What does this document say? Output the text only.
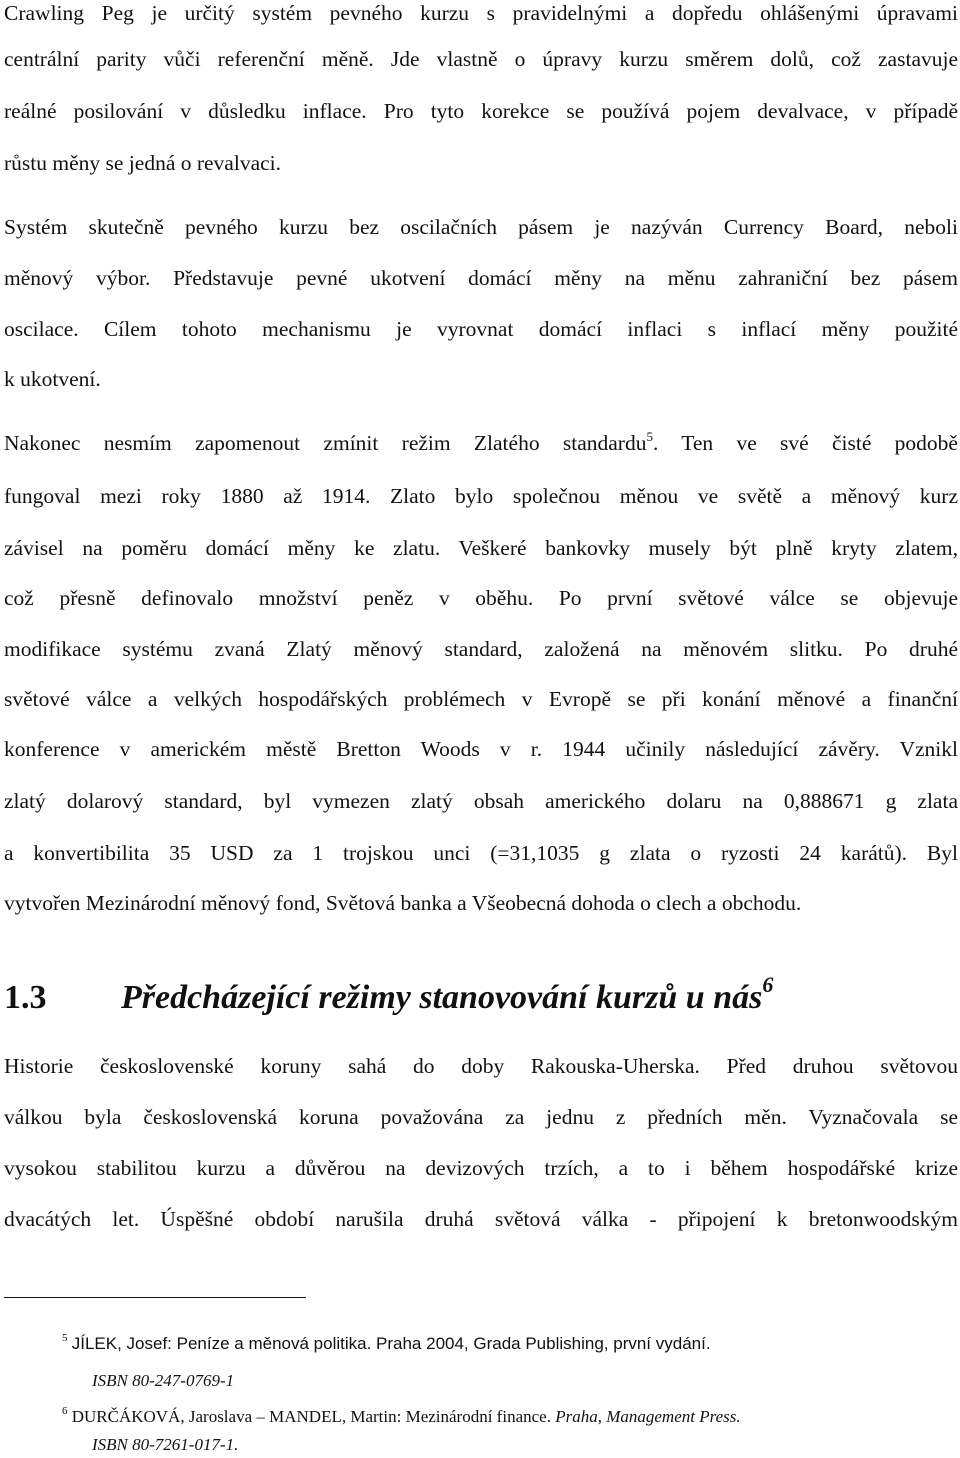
Crawling Peg je určitý systém pevného kurzu s pravidelnými a dopředu ohlášenými úpravami
centrální parity vůči referenční měně. Jde vlastně o úpravy kurzu směrem dolů, což zastavuje
reálné posilování v důsledku inflace. Pro tyto korekce se používá pojem devalvace, v případě
růstu měny se jedná o revalvaci.
Systém skutečně pevného kurzu bez oscilačních pásem je nazýván Currency Board, neboli
měnový výbor. Představuje pevné ukotvení domácí měny na měnu zahraniční bez pásem
oscilace. Cílem tohoto mechanismu je vyrovnat domácí inflaci s inflací měny použité
k ukotvení.
Nakonec nesmím zapomenout zmínit režim Zlatého standardu$^5$. Ten ve své čisté podobě
fungoval mezi roky 1880 až 1914. Zlato bylo společnou měnou ve světě a měnový kurz
závisel na poměru domácí měny ke zlatu. Veškeré bankovky musely být plně kryty zlatem,
což přesně definovalo množství peněz v oběhu. Po první světové válce se objevuje
modifikace systému zvaná Zlatý měnový standard, založená na měnovém slitku. Po druhé
světové válce a velkých hospodářských problémech v Evropě se při konání měnové a finanční
konference v americkém městě Bretton Woods v r. 1944 učinily následující závěry. Vznikl
zlatý dolarový standard, byl vymezen zlatý obsah amerického dolaru na 0,888671 g zlata
a konvertibilita 35 USD za 1 trojskou unci (=31,1035 g zlata o ryzosti 24 karátů). Byl
vytvořen Mezinárodní měnový fond, Světová banka a Všeobecná dohoda o clech a obchodu.
1.3 Předcházející režimy stanovování kurzů u nás$^6$
Historie československé koruny sahá do doby Rakouska-Uherska. Před druhou světovou
válkou byla československá koruna považována za jednu z předních měn. Vyznačovala se
vysokou stabilitou kurzu a důvěrou na devizových trzích, a to i během hospodářské krize
dvacátých let. Úspěšné období narušila druhá světová válka - připojení k bretonwoodským
$^5$ JÍLEK, Josef: Peníze a měnová politika. Praha 2004, Grada Publishing, první vydání.
ISBN 80-247-0769-1
$^6$ DURČÁKOVÁ, Jaroslava – MANDEL, Martin: Mezinárodní finance. Praha, Management Press.
ISBN 80-7261-017-1.
